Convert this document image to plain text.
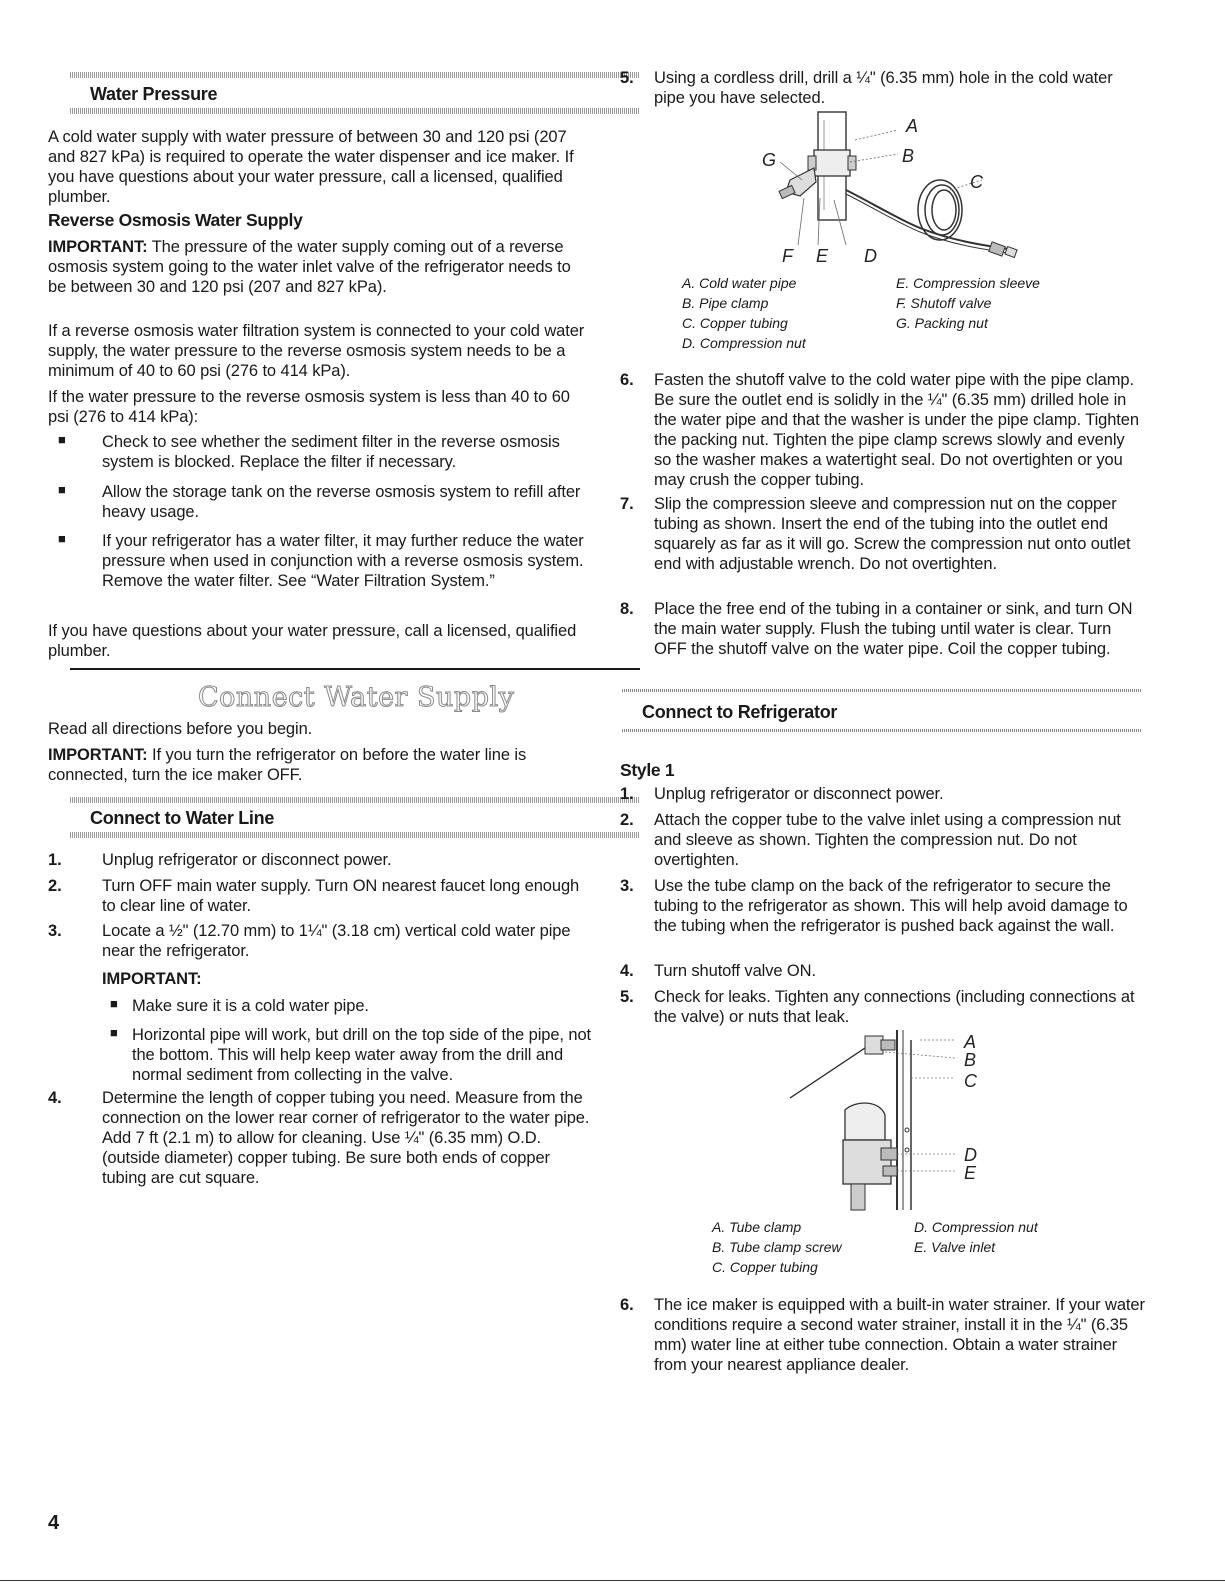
Water Pressure
A cold water supply with water pressure of between 30 and 120 psi (207 and 827 kPa) is required to operate the water dispenser and ice maker. If you have questions about your water pressure, call a licensed, qualified plumber.
Reverse Osmosis Water Supply
IMPORTANT: The pressure of the water supply coming out of a reverse osmosis system going to the water inlet valve of the refrigerator needs to be between 30 and 120 psi (207 and 827 kPa).
If a reverse osmosis water filtration system is connected to your cold water supply, the water pressure to the reverse osmosis system needs to be a minimum of 40 to 60 psi (276 to 414 kPa).
If the water pressure to the reverse osmosis system is less than 40 to 60 psi (276 to 414 kPa):
■ Check to see whether the sediment filter in the reverse osmosis system is blocked. Replace the filter if necessary.
■ Allow the storage tank on the reverse osmosis system to refill after heavy usage.
■ If your refrigerator has a water filter, it may further reduce the water pressure when used in conjunction with a reverse osmosis system. Remove the water filter. See “Water Filtration System.”
If you have questions about your water pressure, call a licensed, qualified plumber.
Connect Water Supply
Read all directions before you begin.
IMPORTANT: If you turn the refrigerator on before the water line is connected, turn the ice maker OFF.
Connect to Water Line
1. Unplug refrigerator or disconnect power.
2. Turn OFF main water supply. Turn ON nearest faucet long enough to clear line of water.
3. Locate a ½" (12.70 mm) to 1¼" (3.18 cm) vertical cold water pipe near the refrigerator.
IMPORTANT:
■ Make sure it is a cold water pipe.
■ Horizontal pipe will work, but drill on the top side of the pipe, not the bottom. This will help keep water away from the drill and normal sediment from collecting in the valve.
4. Determine the length of copper tubing you need. Measure from the connection on the lower rear corner of refrigerator to the water pipe. Add 7 ft (2.1 m) to allow for cleaning. Use ¼" (6.35 mm) O.D. (outside diameter) copper tubing. Be sure both ends of copper tubing are cut square.
5. Using a cordless drill, drill a ¼" (6.35 mm) hole in the cold water pipe you have selected.
A
B
C
D
E
F
G
A. Cold water pipe
B. Pipe clamp
C. Copper tubing
D. Compression nut
E. Compression sleeve
F. Shutoff valve
G. Packing nut
6. Fasten the shutoff valve to the cold water pipe with the pipe clamp. Be sure the outlet end is solidly in the ¼" (6.35 mm) drilled hole in the water pipe and that the washer is under the pipe clamp. Tighten the packing nut. Tighten the pipe clamp screws slowly and evenly so the washer makes a watertight seal. Do not overtighten or you may crush the copper tubing.
7. Slip the compression sleeve and compression nut on the copper tubing as shown. Insert the end of the tubing into the outlet end squarely as far as it will go. Screw the compression nut onto outlet end with adjustable wrench. Do not overtighten.
8. Place the free end of the tubing in a container or sink, and turn ON the main water supply. Flush the tubing until water is clear. Turn OFF the shutoff valve on the water pipe. Coil the copper tubing.
Connect to Refrigerator
Style 1
1. Unplug refrigerator or disconnect power.
2. Attach the copper tube to the valve inlet using a compression nut and sleeve as shown. Tighten the compression nut. Do not overtighten.
3. Use the tube clamp on the back of the refrigerator to secure the tubing to the refrigerator as shown. This will help avoid damage to the tubing when the refrigerator is pushed back against the wall.
4. Turn shutoff valve ON.
5. Check for leaks. Tighten any connections (including connections at the valve) or nuts that leak.
A
B
C
D
E
A. Tube clamp
B. Tube clamp screw
C. Copper tubing
D. Compression nut
E. Valve inlet
6. The ice maker is equipped with a built-in water strainer. If your water conditions require a second water strainer, install it in the ¼" (6.35 mm) water line at either tube connection. Obtain a water strainer from your nearest appliance dealer.
4
